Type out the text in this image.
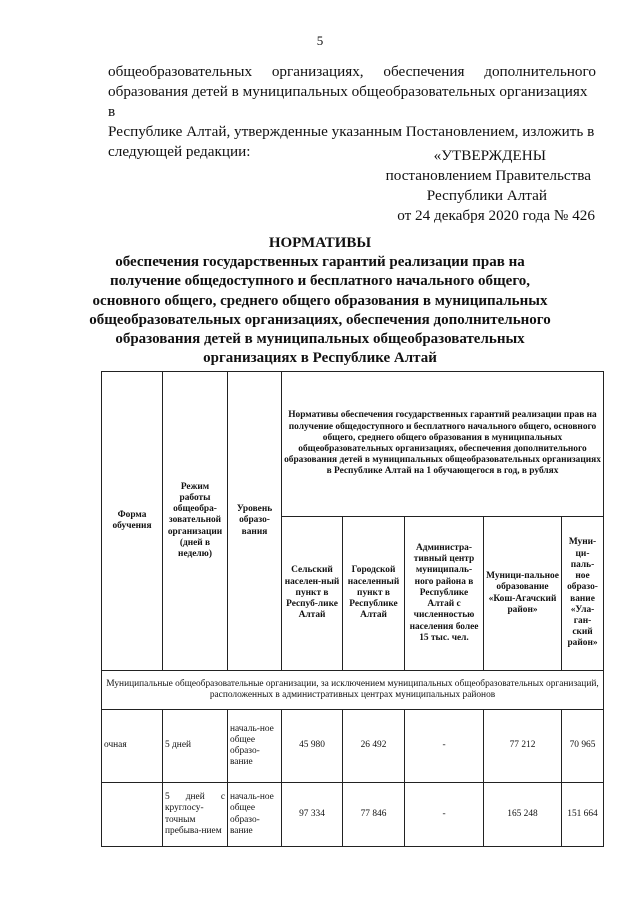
5
общеобразовательных организациях, обеспечения дополнительного
образования детей в муниципальных общеобразовательных организациях в
Республике Алтай, утвержденные указанным Постановлением, изложить в
следующей редакции:	«УТВЕРЖДЕНЫ
постановлением Правительства
Республики Алтай
от 24 декабря 2020 года № 426
НОРМАТИВЫ
обеспечения государственных гарантий реализации прав на
получение общедоступного и бесплатного начального общего,
основного общего, среднего общего образования в муниципальных
общеобразовательных организациях, обеспечения дополнительного
образования детей в муниципальных общеобразовательных
организациях в Республике Алтай
Форма обучения	Режим работы общеобра-зовательной организации (дней в неделю)	Уровень образо-вания	Нормативы обеспечения государственных гарантий реализации прав на получение общедоступного и бесплатного начального общего, основного общего, среднего общего образования в муниципальных общеобразовательных организациях, обеспечения дополнительного образования детей в муниципальных общеобразовательных организациях в Республике Алтай на 1 обучающегося в год, в рублях				
			Сельский населен-ный пункт в Респуб-лике Алтай	Городской населенный пункт в Республике Алтай	Администра-тивный центр муниципаль-ного района в Республике Алтай с численностью населения более 15 тыс. чел.	Муници-пальное образование «Кош-Агачский район»	Муни-ци-паль-ное образо-вание «Ула-ган-ский район»
Муниципальные общеобразовательные организации, за исключением муниципальных общеобразовательных организаций, расположенных в административных центрах муниципальных районов							
очная	5 дней	началь-ное общее образо-вание	45 980	26 492	-	77 212	70 965
	5 дней с круглосу-точным пребыва-нием	началь-ное общее образо-вание	97 334	77 846	-	165 248	151 664
